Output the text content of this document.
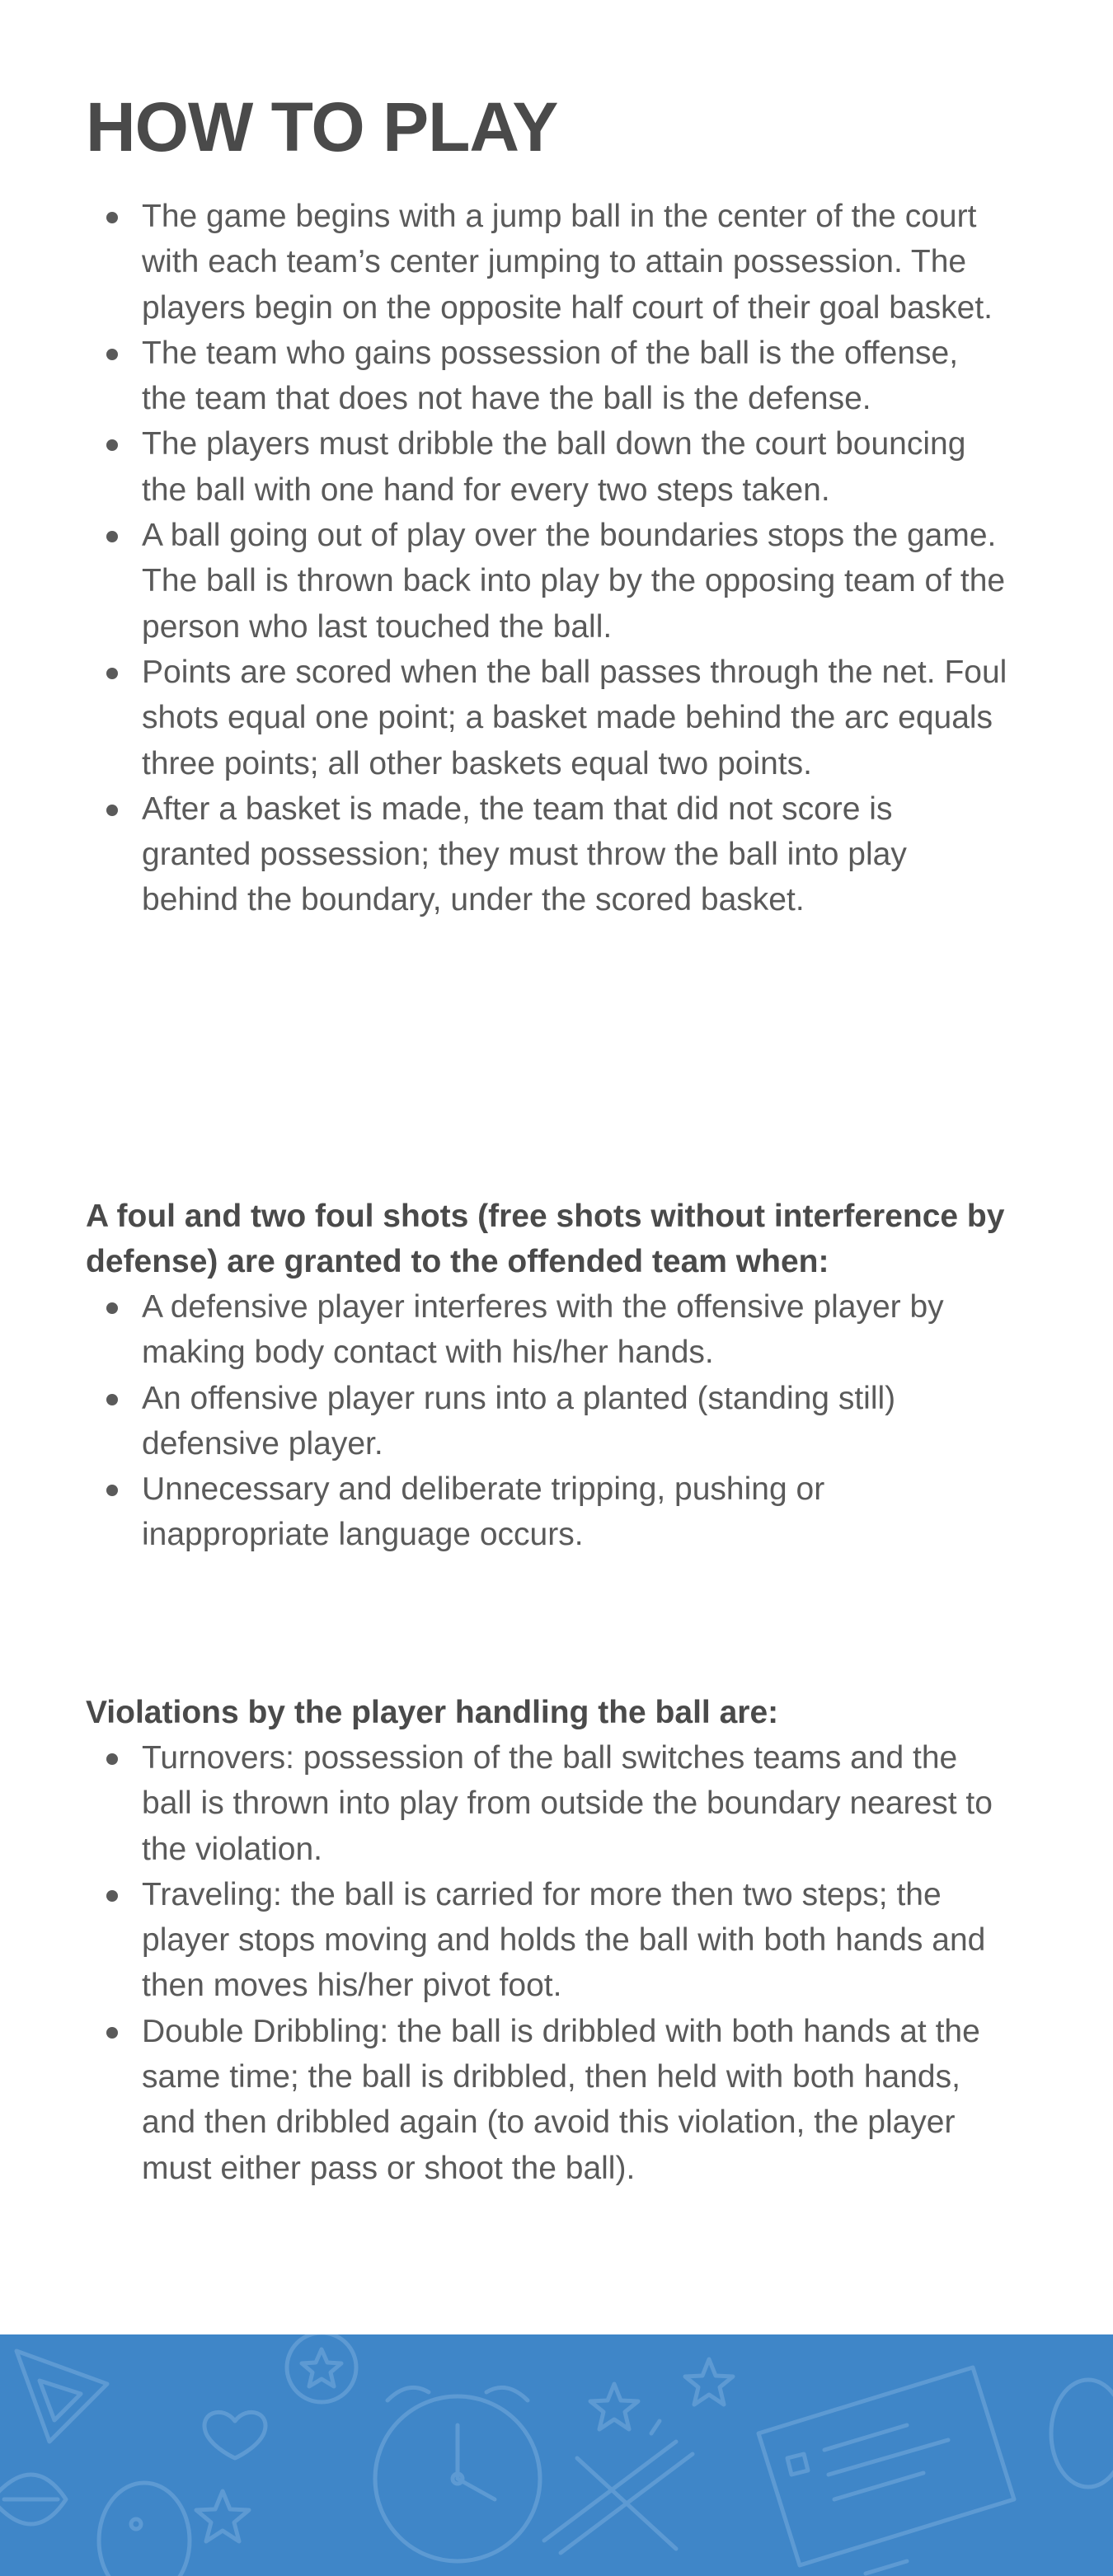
HOW TO PLAY
The game begins with a jump ball in the center of the court with each team’s center jumping to attain possession. The players begin on the opposite half court of their goal basket.
The team who gains possession of the ball is the offense, the team that does not have the ball is the defense.
The players must dribble the ball down the court bouncing the ball with one hand for every two steps taken.
A ball going out of play over the boundaries stops the game. The ball is thrown back into play by the opposing team of the person who last touched the ball.
Points are scored when the ball passes through the net. Foul shots equal one point; a basket made behind the arc equals three points; all other baskets equal two points.
After a basket is made, the team that did not score is granted possession; they must throw the ball into play behind the boundary, under the scored basket.
A foul and two foul shots (free shots without interference by defense) are granted to the offended team when:
A defensive player interferes with the offensive player by making body contact with his/her hands.
An offensive player runs into a planted (standing still) defensive player.
Unnecessary and deliberate tripping, pushing or inappropriate language occurs.
Violations by the player handling the ball are:
Turnovers: possession of the ball switches teams and the ball is thrown into play from outside the boundary nearest to the violation.
Traveling: the ball is carried for more then two steps; the player stops moving and holds the ball with both hands and then moves his/her pivot foot.
Double Dribbling: the ball is dribbled with both hands at the same time; the ball is dribbled, then held with both hands, and then dribbled again (to avoid this violation, the player must either pass or shoot the ball).
